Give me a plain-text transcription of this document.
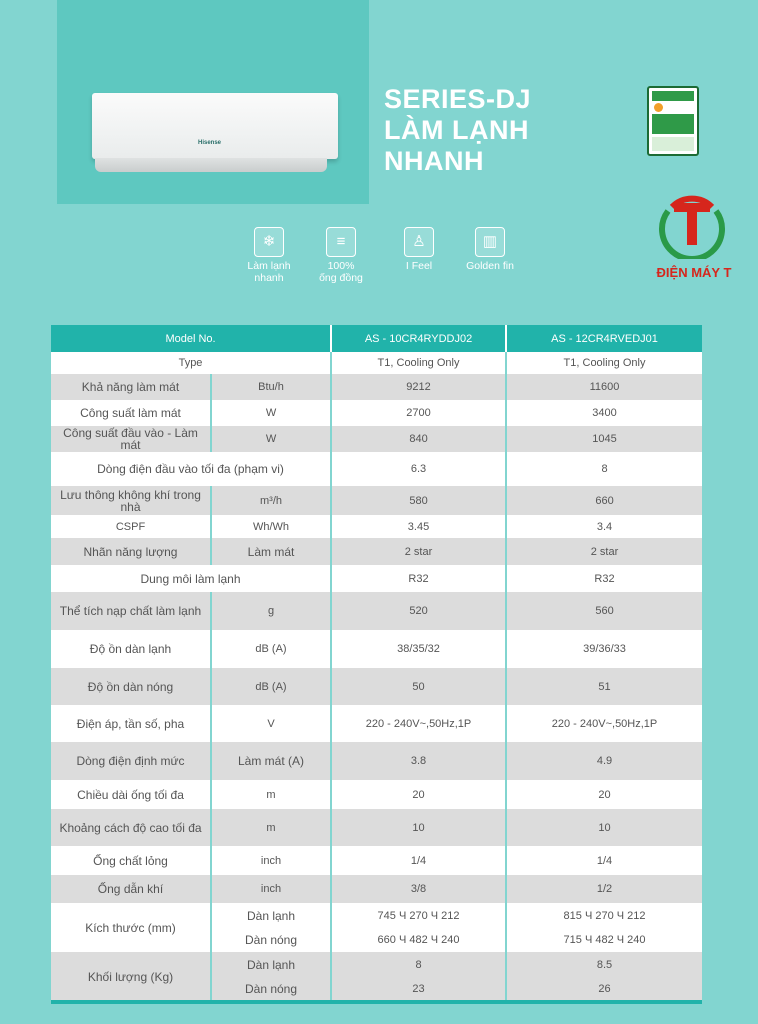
Hisense
SERIES-DJ
LÀM LẠNH
NHANH
ĐIỆN MÁY T
❄
Làm lạnh
nhanh
≡
100%
ống đồng
♙
I Feel
▥
Golden fin
Model No.		AS - 10CR4RYDDJ02	AS - 12CR4RVEDJ01
Type		T1, Cooling Only	T1, Cooling Only
Khả năng làm mát	Btu/h	9212	11600
Công suất làm mát	W	2700	3400
Công suất đầu vào - Làm mát	W	840	1045
Dòng điện đầu vào tối đa (phạm vi)		6.3	8
Lưu thông không khí trong nhà	m³/h	580	660
CSPF	Wh/Wh	3.45	3.4
Nhãn năng lượng	Làm mát	2 star	2 star
Dung môi làm lạnh		R32	R32
Thể tích nạp chất làm lạnh	g	520	560
Độ ồn dàn lạnh	dB (A)	38/35/32	39/36/33
Độ ồn dàn nóng	dB (A)	50	51
Điện áp, tần số, pha	V	220 - 240V~,50Hz,1P	220 - 240V~,50Hz,1P
Dòng điện định mức	Làm mát (A)	3.8	4.9
Chiều dài ống tối đa	m	20	20
Khoảng cách độ cao tối đa	m	10	10
Ống chất lỏng	inch	1/4	1/4
Ống dẫn khí	inch	3/8	1/2
Kích thước (mm)	Dàn lạnh	745 Ч 270 Ч 212	815 Ч 270 Ч 212
	Dàn nóng	660 Ч 482 Ч 240	715 Ч 482 Ч 240
Khối lượng (Kg)	Dàn lạnh	8	8.5
	Dàn nóng	23	26
